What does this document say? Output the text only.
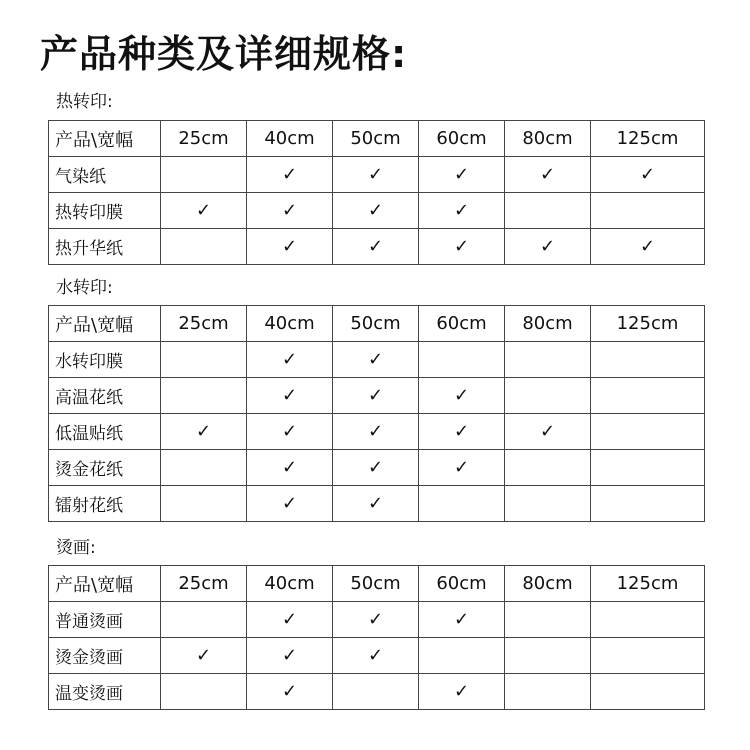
产品种类及详细规格:
热转印:
产品\宽幅	25cm	40cm	50cm	60cm	80cm	125cm
气染纸		✓	✓	✓	✓	✓
热转印膜	✓	✓	✓	✓		
热升华纸		✓	✓	✓	✓	✓
水转印:
产品\宽幅	25cm	40cm	50cm	60cm	80cm	125cm
水转印膜		✓	✓			
高温花纸		✓	✓	✓		
低温贴纸	✓	✓	✓	✓	✓	
烫金花纸		✓	✓	✓		
镭射花纸		✓	✓			
烫画:
产品\宽幅	25cm	40cm	50cm	60cm	80cm	125cm
普通烫画		✓	✓	✓		
烫金烫画	✓	✓	✓			
温变烫画		✓		✓		
